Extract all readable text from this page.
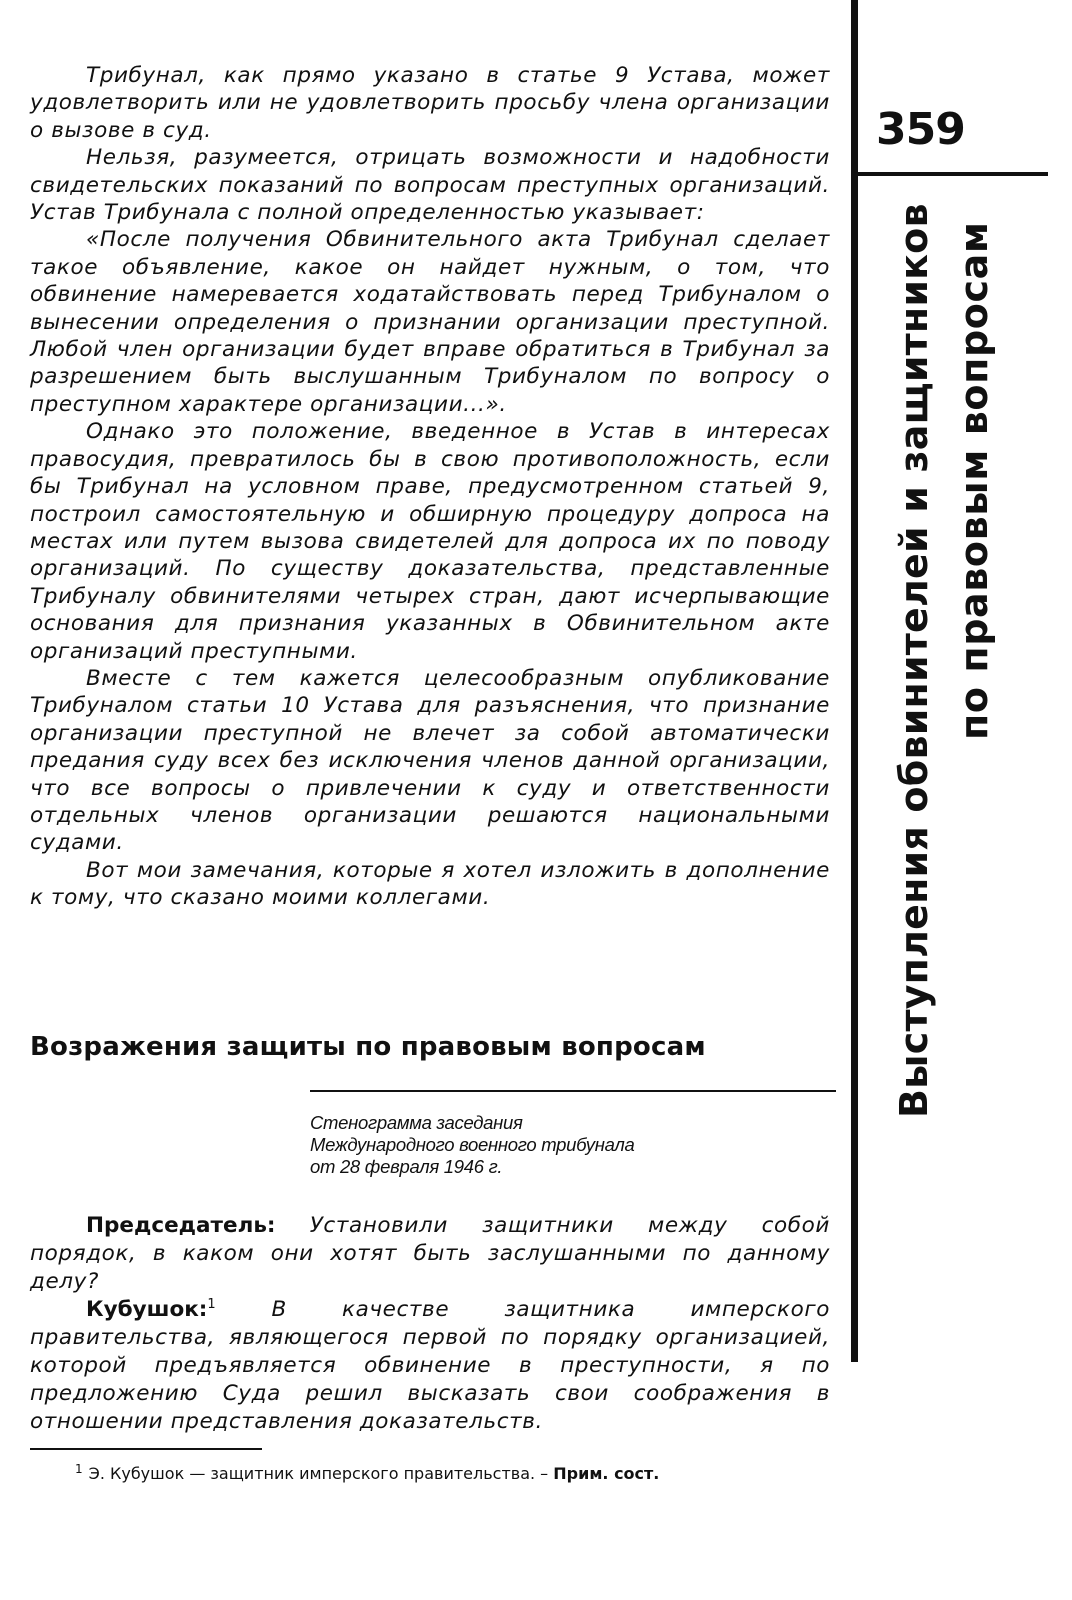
Трибунал, как прямо указано в статье 9 Устава, может удовлетворить или не удовлетворить просьбу члена организации о вызове в суд.

Нельзя, разумеется, отрицать возможности и надобности свидетельских показаний по вопросам преступных организаций. Устав Трибунала с полной определенностью указывает:

«После получения Обвинительного акта Трибунал сделает такое объявление, какое он найдет нужным, о том, что обвинение намеревается ходатайствовать перед Трибуналом о вынесении определения о признании организации преступной. Любой член организации будет вправе обратиться в Трибунал за разрешением быть выслушанным Трибуналом по вопросу о преступном характере организации...».

Однако это положение, введенное в Устав в интересах правосудия, превратилось бы в свою противоположность, если бы Трибунал на условном праве, предусмотренном статьей 9, построил самостоятельную и обширную процедуру допроса на местах или путем вызова свидетелей для допроса их по поводу организаций. По существу доказательства, представленные Трибуналу обвинителями четырех стран, дают исчерпывающие основания для признания указанных в Обвинительном акте организаций преступными.

Вместе с тем кажется целесообразным опубликование Трибуналом статьи 10 Устава для разъяснения, что признание организации преступной не влечет за собой автоматически предания суду всех без исключения членов данной организации, что все вопросы о привлечении к суду и ответственности отдельных членов организации решаются национальными судами.

Вот мои замечания, которые я хотел изложить в дополнение к тому, что сказано моими коллегами.

Возражения защиты по правовым вопросам
Стенограмма заседания
Международного военного трибунала
от 28 февраля 1946 г.

Председатель: Установили защитники между собой порядок, в каком они хотят быть заслушанными по данному делу?

Кубушок:$^1$	В качестве защитника имперского правительства, являющегося первой по порядку организацией, которой предъявляется обвинение в преступности, я по предложению Суда решил высказать свои соображения в отношении представления доказательств.

$^1$ Э. Кубушок — защитник имперского правительства. – Прим. сост.
359
Выступления обвинителей и защитников по правовым вопросам
